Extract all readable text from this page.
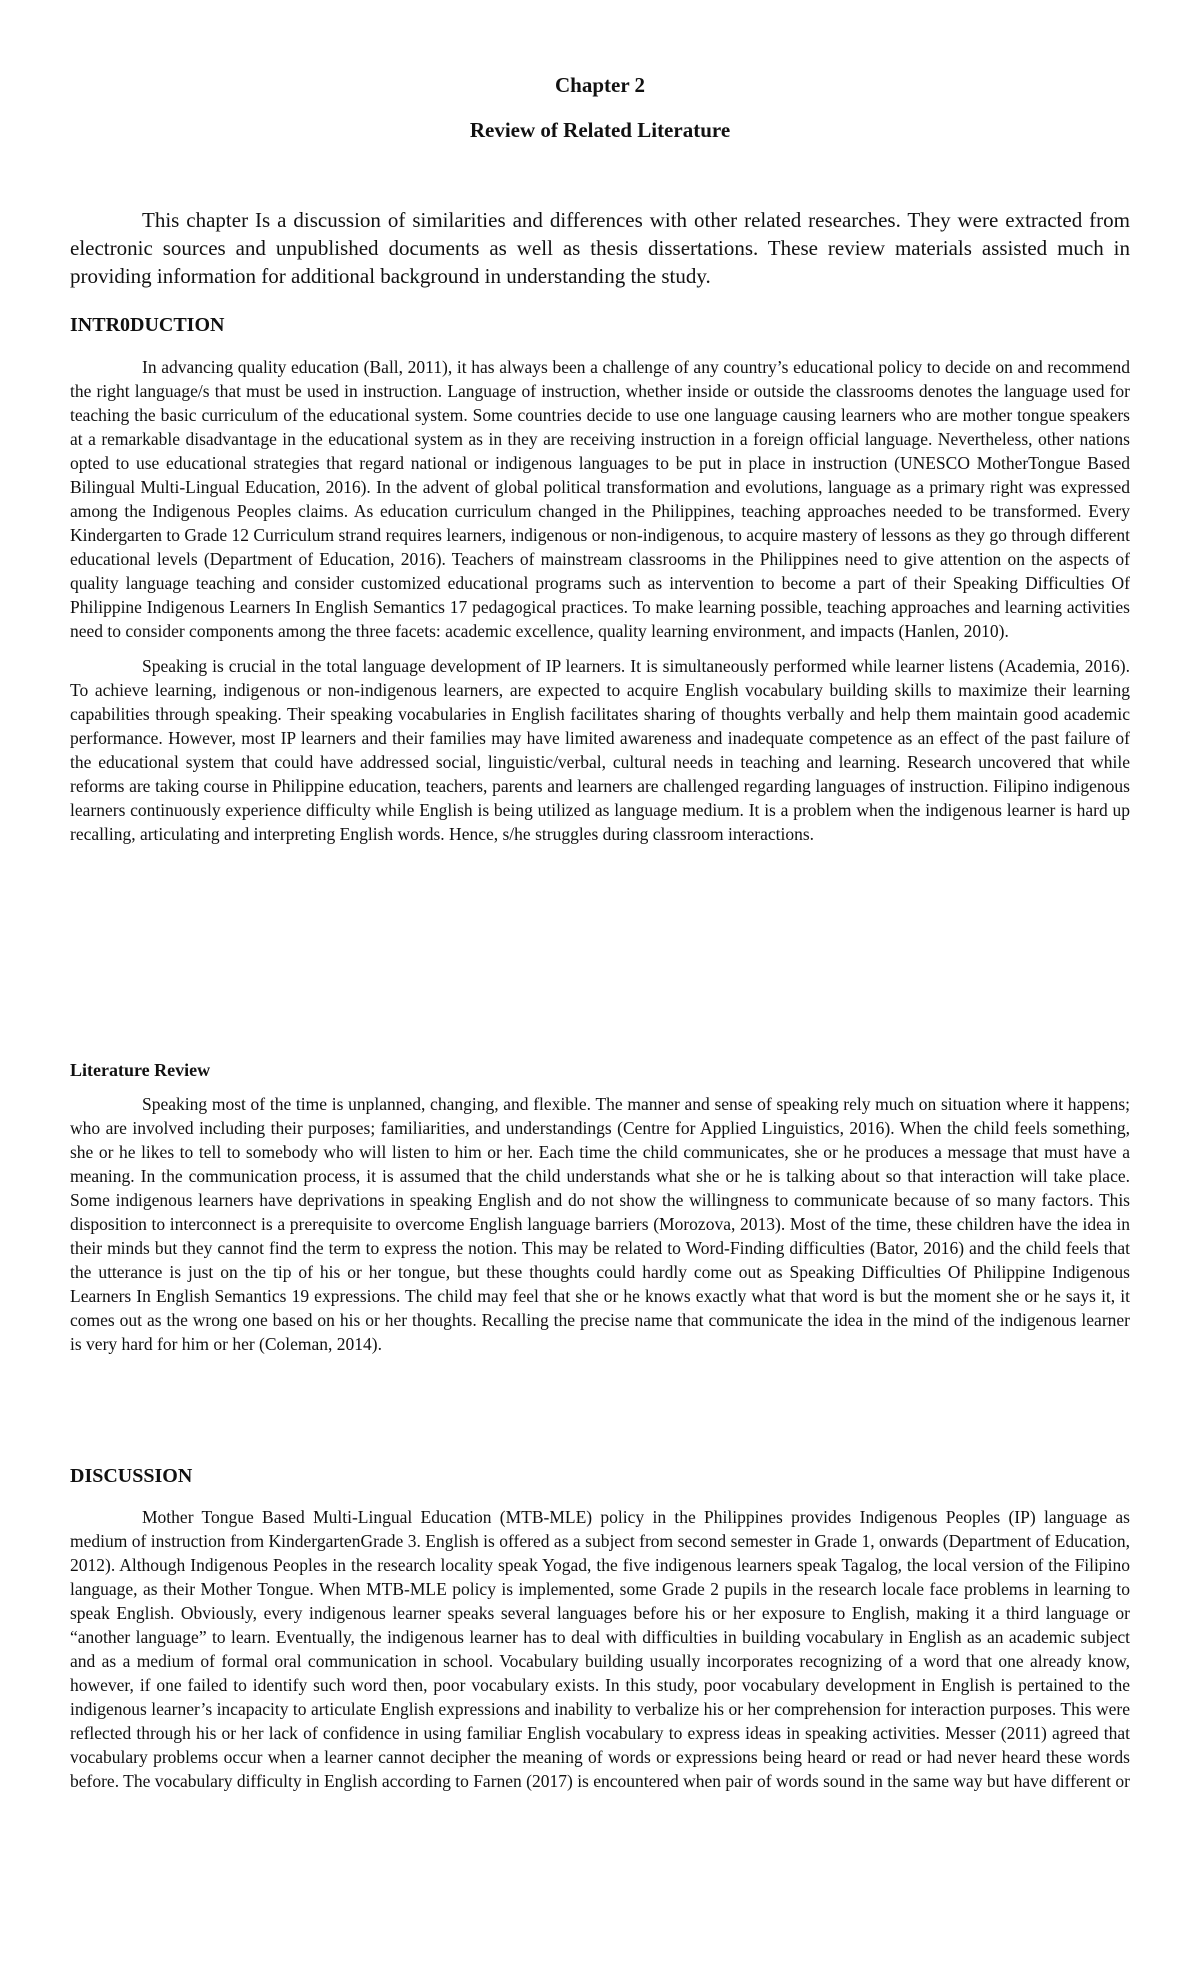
Chapter 2
Review of Related Literature

This chapter Is a discussion of similarities and differences with other related researches. They were extracted from electronic sources and unpublished documents as well as thesis dissertations. These review materials assisted much in providing information for additional background in understanding the study.

INTR0DUCTION

In advancing quality education (Ball, 2011), it has always been a challenge of any country’s educational policy to decide on and recommend the right language/s that must be used in instruction. Language of instruction, whether inside or outside the classrooms denotes the language used for teaching the basic curriculum of the educational system. Some countries decide to use one language causing learners who are mother tongue speakers at a remarkable disadvantage in the educational system as in they are receiving instruction in a foreign official language. Nevertheless, other nations opted to use educational strategies that regard national or indigenous languages to be put in place in instruction (UNESCO MotherTongue Based Bilingual Multi-Lingual Education, 2016). In the advent of global political transformation and evolutions, language as a primary right was expressed among the Indigenous Peoples claims. As education curriculum changed in the Philippines, teaching approaches needed to be transformed. Every Kindergarten to Grade 12 Curriculum strand requires learners, indigenous or non-indigenous, to acquire mastery of lessons as they go through different educational levels (Department of Education, 2016). Teachers of mainstream classrooms in the Philippines need to give attention on the aspects of quality language teaching and consider customized educational programs such as intervention to become a part of their Speaking Difficulties Of Philippine Indigenous Learners In English Semantics 17 pedagogical practices. To make learning possible, teaching approaches and learning activities need to consider components among the three facets: academic excellence, quality learning environment, and impacts (Hanlen, 2010).

Speaking is crucial in the total language development of IP learners. It is simultaneously performed while learner listens (Academia, 2016). To achieve learning, indigenous or non-indigenous learners, are expected to acquire English vocabulary building skills to maximize their learning capabilities through speaking. Their speaking vocabularies in English facilitates sharing of thoughts verbally and help them maintain good academic performance. However, most IP learners and their families may have limited awareness and inadequate competence as an effect of the past failure of the educational system that could have addressed social, linguistic/verbal, cultural needs in teaching and learning. Research uncovered that while reforms are taking course in Philippine education, teachers, parents and learners are challenged regarding languages of instruction. Filipino indigenous learners continuously experience difficulty while English is being utilized as language medium. It is a problem when the indigenous learner is hard up recalling, articulating and interpreting English words. Hence, s/he struggles during classroom interactions.

Literature Review

Speaking most of the time is unplanned, changing, and flexible. The manner and sense of speaking rely much on situation where it happens; who are involved including their purposes; familiarities, and understandings (Centre for Applied Linguistics, 2016). When the child feels something, she or he likes to tell to somebody who will listen to him or her. Each time the child communicates, she or he produces a message that must have a meaning. In the communication process, it is assumed that the child understands what she or he is talking about so that interaction will take place. Some indigenous learners have deprivations in speaking English and do not show the willingness to communicate because of so many factors. This disposition to interconnect is a prerequisite to overcome English language barriers (Morozova, 2013). Most of the time, these children have the idea in their minds but they cannot find the term to express the notion. This may be related to Word-Finding difficulties (Bator, 2016) and the child feels that the utterance is just on the tip of his or her tongue, but these thoughts could hardly come out as Speaking Difficulties Of Philippine Indigenous Learners In English Semantics 19 expressions. The child may feel that she or he knows exactly what that word is but the moment she or he says it, it comes out as the wrong one based on his or her thoughts. Recalling the precise name that communicate the idea in the mind of the indigenous learner is very hard for him or her (Coleman, 2014).

DISCUSSION

Mother Tongue Based Multi-Lingual Education (MTB-MLE) policy in the Philippines provides Indigenous Peoples (IP) language as medium of instruction from KindergartenGrade 3. English is offered as a subject from second semester in Grade 1, onwards (Department of Education, 2012). Although Indigenous Peoples in the research locality speak Yogad, the five indigenous learners speak Tagalog, the local version of the Filipino language, as their Mother Tongue. When MTB-MLE policy is implemented, some Grade 2 pupils in the research locale face problems in learning to speak English. Obviously, every indigenous learner speaks several languages before his or her exposure to English, making it a third language or “another language” to learn. Eventually, the indigenous learner has to deal with difficulties in building vocabulary in English as an academic subject and as a medium of formal oral communication in school. Vocabulary building usually incorporates recognizing of a word that one already know, however, if one failed to identify such word then, poor vocabulary exists. In this study, poor vocabulary development in English is pertained to the indigenous learner’s incapacity to articulate English expressions and inability to verbalize his or her comprehension for interaction purposes. This were reflected through his or her lack of confidence in using familiar English vocabulary to express ideas in speaking activities. Messer (2011) agreed that vocabulary problems occur when a learner cannot decipher the meaning of words or expressions being heard or read or had never heard these words before. The vocabulary difficulty in English according to Farnen (2017) is encountered when pair of words sound in the same way but have different or
